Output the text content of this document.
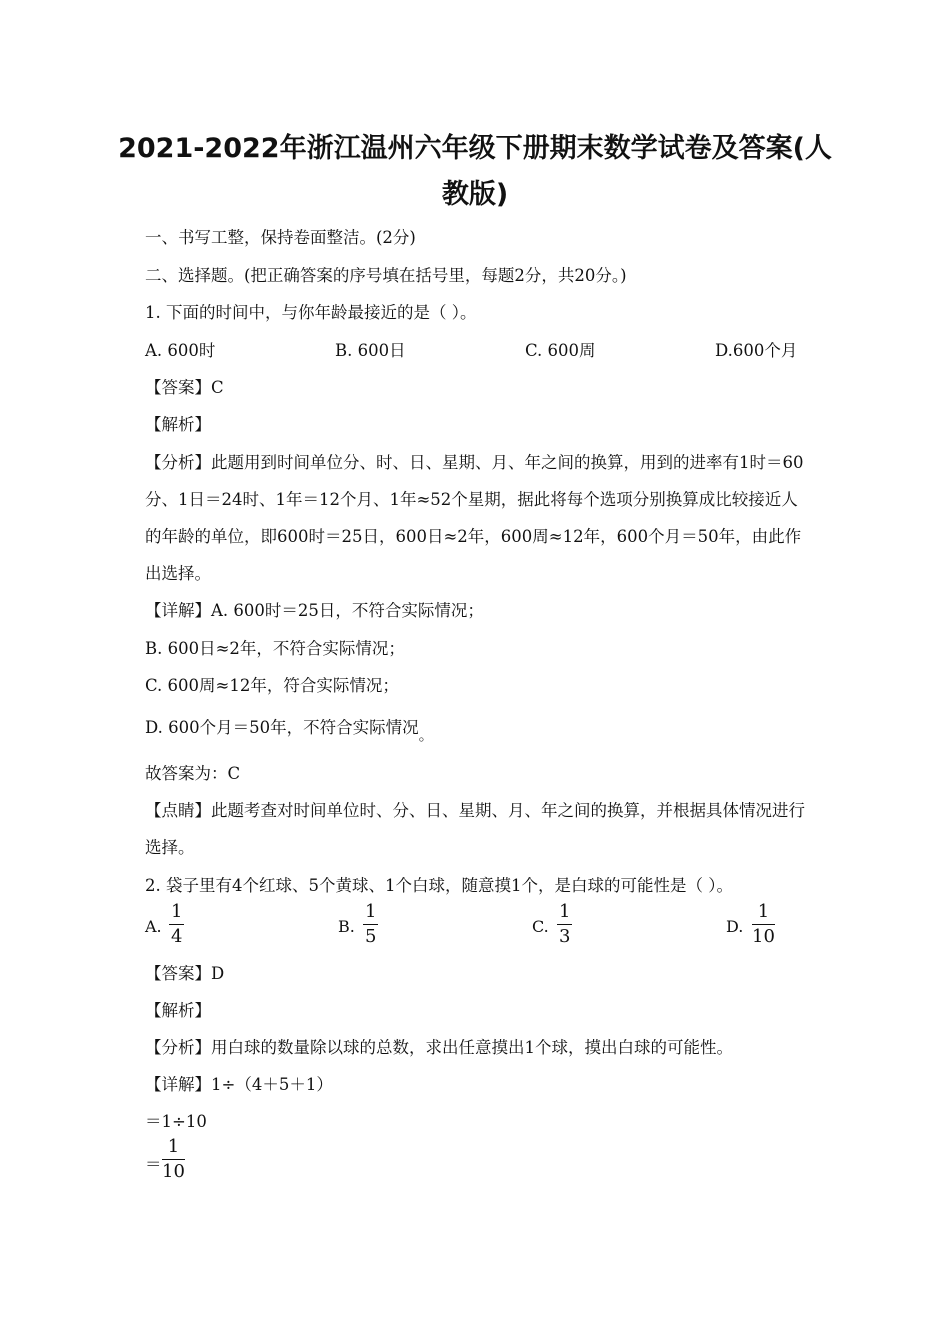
2021-2022年浙江温州六年级下册期末数学试卷及答案(人
教版)
一、书写工整，保持卷面整洁。(2分)
二、选择题。(把正确答案的序号填在括号里，每题2分，共20分。)
1. 下面的时间中，与你年龄最接近的是（ ）。
A. 600时	B. 600日	C. 600周	D.600个月
【答案】C
【解析】
【分析】此题用到时间单位分、时、日、星期、月、年之间的换算，用到的进率有1时＝60
分、1日＝24时、1年＝12个月、1年≈52个星期，据此将每个选项分别换算成比较接近人
的年龄的单位，即600时＝25日，600日≈2年，600周≈12年，600个月＝50年，由此作
出选择。
【详解】A. 600时＝25日，不符合实际情况；
B. 600日≈2年，不符合实际情况；
C. 600周≈12年，符合实际情况；
D. 600个月＝50年，不符合实际情况。
故答案为：C
【点睛】此题考查对时间单位时、分、日、星期、月、年之间的换算，并根据具体情况进行
选择。
2. 袋子里有4个红球、5个黄球、1个白球，随意摸1个，是白球的可能性是（ ）。
A.
1
4	B.
1
5	C.
1
3	D.
1
10
【答案】D
【解析】
【分析】用白球的数量除以球的总数，求出任意摸出1个球，摸出白球的可能性。
【详解】1÷（4＋5＋1）
＝1÷10
＝
1
10
